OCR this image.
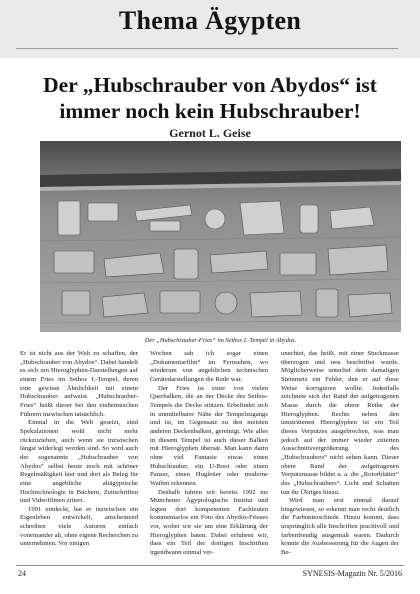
Thema Ägypten
Der „Hubschrauber von Abydos“ ist
immer noch kein Hubschrauber!
Gernot L. Geise
Der „Hubschrauber-Fries“ im Sethos I.-Tempel in Abydos.

Er ist nicht aus der Welt zu schaffen, der „Hubschrauber von Abydos“. Dabei handelt es sich um Hieroglyphen-Darstellungen auf einem Fries im Sethos I.-Tempel, deren eine gewisse Ähnlichkeit mit einem Hubschrauber aufweist. „Hubschrauber-Fries“ heißt dieser bei den einheimischen Führern inzwischen tatsächlich.

Einmal in die Welt gesetzt, sind Spekulationen wohl nicht mehr rückzuziehen, auch wenn sie inzwischen längst widerlegt worden sind. So wird auch der sogenannte „Hubschrauber von Abydos“ selbst heute noch mit schöner Regelmäßigkeit hier und dort als Beleg für eine angebliche altägyptische Hochtechnologie in Büchern, Zeitschriften und Videofilmen zitiert.

1991 entdeckt, hat er inzwischen ein Eigenleben entwickelt, anscheinend schreiben viele Autoren einfach voneinander ab, ohne eigene Recherchen zu unternehmen. Vor einigen

Wochen sah ich sogar einen „Dokumentarfilm“ im Fernsehen, wo wiederum von angeblichen technischen Gerätedarstellungen die Rede war.

Der Fries ist einer von vielen Querbalken, die an der Decke des Sethos-Tempels die Decke stützen. Erbefindet sich in unmittelbarer Nähe der Tempelzugangs und ist, im Gegensatz zu den meisten anderen Deckenbalken, gereinigt. Wie alles in diesem Tempel ist auch dieser Balken mit Hieroglyphen übersät. Man kann darin ohne viel Fantasie etwas einen Hubschrauber, ein U-Boot oder einen Panzer, einen Hugleiter oder moderne Waffen erkennen.

Deshalb fuhren wir bereits 1992 ins Münchener Ägyptologische Institut und legten dort kompetenten Fachleuten kommentarlos ein Foto des Abydos-Frieses vor, wobei wir sie um eine Erklärung der Hieroglyphen baten. Dabei erfuhren wir, dass ein Teil der dortigen Inschriften irgendwann einmal ver-

unechtet, das heißt, mit einer Stuckmasse überzogen und neu beschriftet wurde. Möglicherweise unterlief dem damaligen Steinmetz ein Fehler, den er auf diese Weise korrigieren wollte. Jedenfalls zeichnete sich der Rand der aufgetragenen Masse durch die obere Reihe der Hieroglyphen. Rechts neben den umstrittenen Hieroglyphen ist ein Teil dieses Verputzes ausgebrochen, was man jedoch auf der immer wieder zitierten Ausschnittsvergrößerung des „Hubschraubers“ nicht sehen kann. Dieser obere Rand der aufgetragenen Verputzmasse bildet u. a. die „Rotorblätter“ des „Hubschraubers“. Licht und Schatten tun ihr Übriges hinzu.

Wird man erst einmal darauf hingewiesen, so erkennt man recht deutlich die Farbunterschiede. Hinzu kommt, dass ursprünglich alle Inschriften prachtvoll und farbenfreudig ausgemalt waren. Dadurch konnte die Ausbesserung für die Augen der Be-

24	SYNESIS-Magazin Nr. 5/2016
